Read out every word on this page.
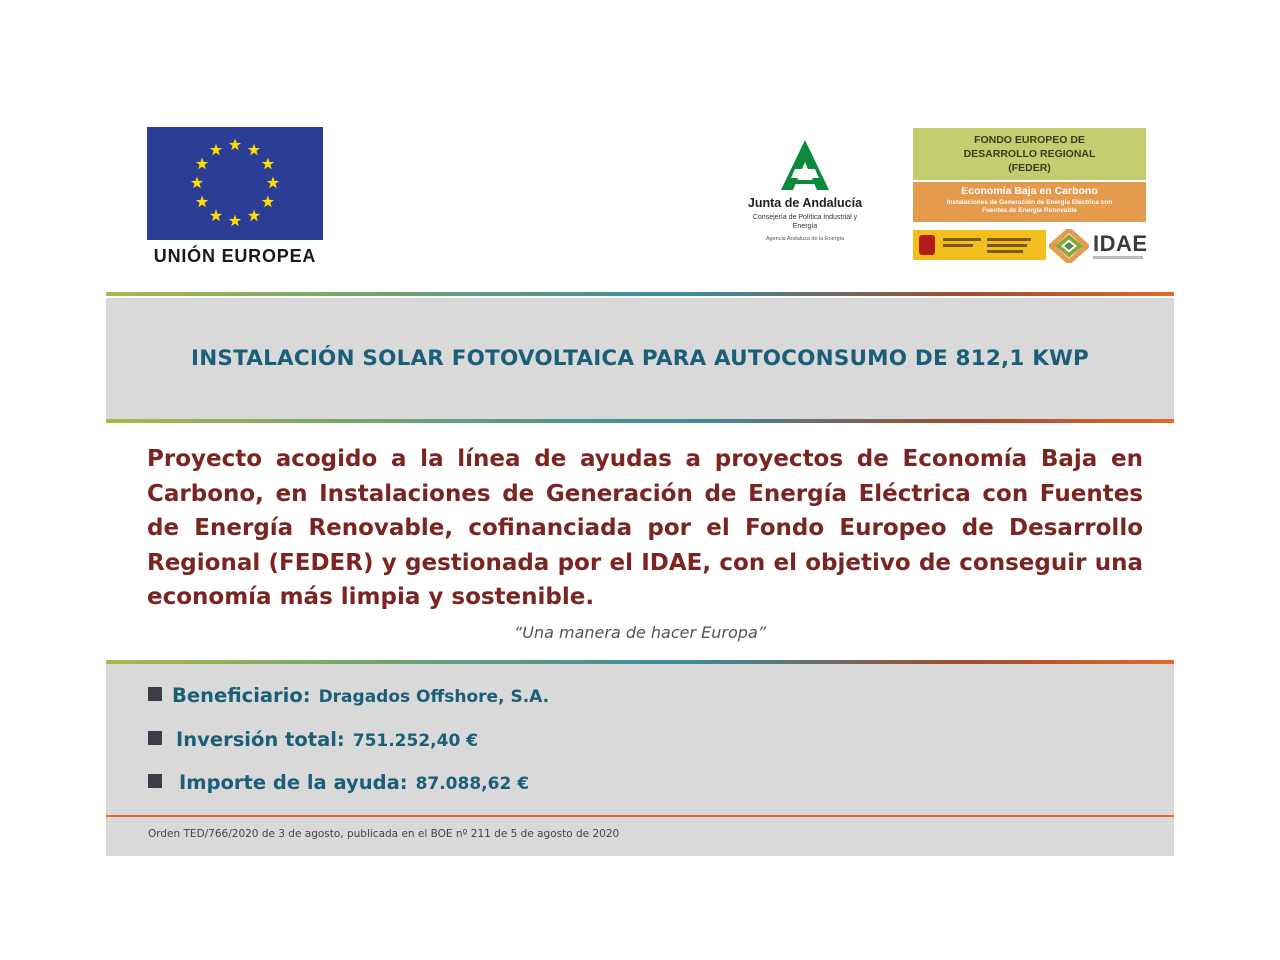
UNIÓN EUROPEA
Junta de Andalucía
Consejería de Política Industrial y Energía
Agencia Andaluza de la Energía
FONDO EUROPEO DE DESARROLLO REGIONAL (FEDER)
Economía Baja en Carbono
Instalaciones de Generación de Energía Eléctrica con Fuentes de Energía Renovable
IDAE
INSTALACIÓN SOLAR FOTOVOLTAICA PARA AUTOCONSUMO DE 812,1 KWP
Proyecto acogido a la línea de ayudas a proyectos de Economía Baja en Carbono, en Instalaciones de Generación de Energía Eléctrica con Fuentes de Energía Renovable, cofinanciada por el Fondo Europeo de Desarrollo Regional (FEDER) y gestionada por el IDAE, con el objetivo de conseguir una economía más limpia y sostenible.
“Una manera de hacer Europa”
Beneficiario: Dragados Offshore, S.A.
Inversión total: 751.252,40 €
Importe de la ayuda: 87.088,62 €
Orden TED/766/2020 de 3 de agosto, publicada en el BOE nº 211 de 5 de agosto de 2020
